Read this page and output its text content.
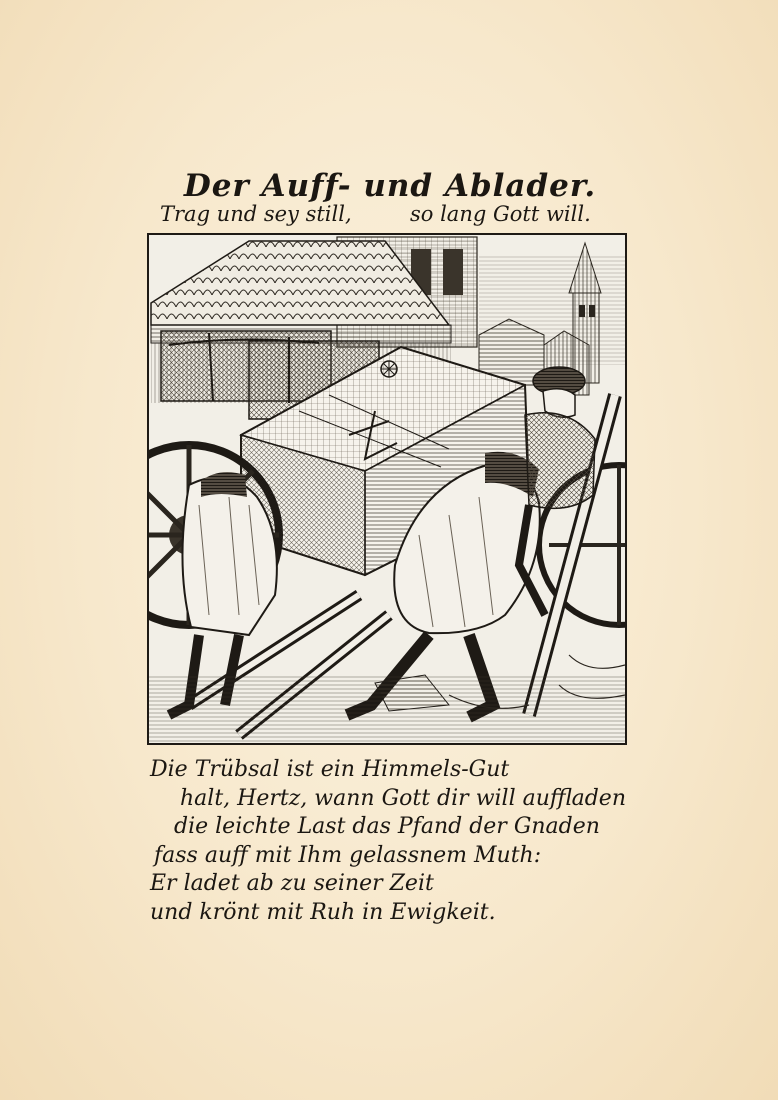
Der Auff- und Ablader.
Trag und sey still,	so lang Gott will.
Die Trübsal ist ein Himmels-Gut
halt, Hertz, wann Gott dir will auffladen
die leichte Last das Pfand der Gnaden
fass auff mit Ihm gelassnem Muth:
Er ladet ab zu seiner Zeit
und krönt mit Ruh in Ewigkeit.
